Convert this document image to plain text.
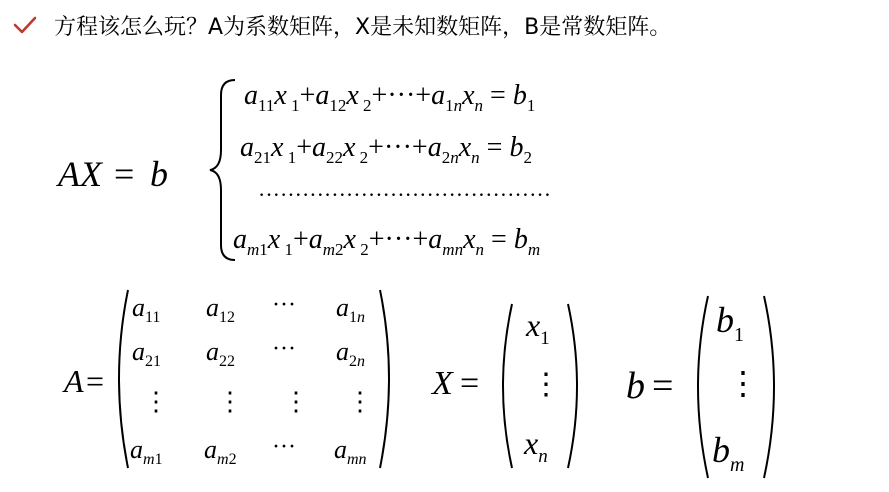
方程该怎么玩？A为系数矩阵，X是未知数矩阵，B是常数矩阵。
AX = b
$a_{11}x$ $_1+a_{12}x$ $_2+\cdot\cdot\cdot+a_1nx_n = b_1$
$a_{21}x$ $_1+a_{22}x$ $_2+\cdot\cdot\cdot+a_2nx_n = b_2$
········································
$a_m1x$ $_1+a_m2x$ $_2+\cdot\cdot\cdot+a_{mn}x_n = b_m$
A =
$a_{11}$ $a_{12}$ ··· $a_1n$
$a_{21}$ $a_{22}$ ··· $a_2n$
⋮ ⋮ ⋮ ⋮
$a_m1$ $a_m2$ ··· $a_{mn}$
X =
$x_1$
⋮
$x_n$
b =
$b_1$
⋮
$b_m$
